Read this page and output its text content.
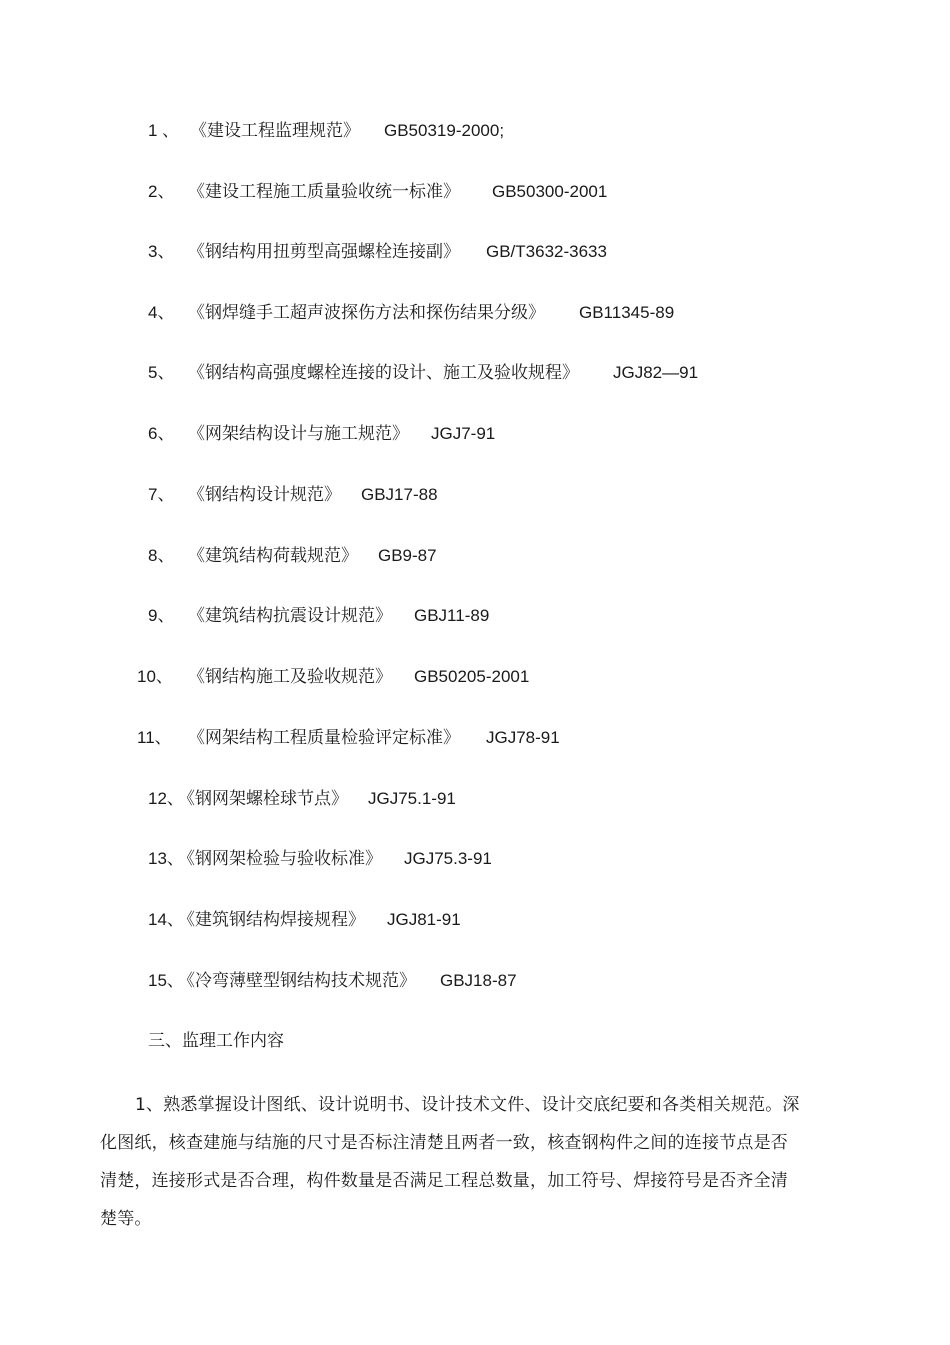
1 、 《建设工程监理规范》 GB50319-2000;
2、 《建设工程施工质量验收统一标准》 GB50300-2001
3、 《钢结构用扭剪型高强螺栓连接副》 GB/T3632-3633
4、 《钢焊缝手工超声波探伤方法和探伤结果分级》 GB11345-89
5、 《钢结构高强度螺栓连接的设计、施工及验收规程》 JGJ82—91
6、 《网架结构设计与施工规范》 JGJ7-91
7、 《钢结构设计规范》 GBJ17-88
8、 《建筑结构荷载规范》 GB9-87
9、 《建筑结构抗震设计规范》 GBJ11-89
10、 《钢结构施工及验收规范》 GB50205-2001
11、 《网架结构工程质量检验评定标准》 JGJ78-91
12、《钢网架螺栓球节点》 JGJ75.1-91
13、《钢网架检验与验收标准》 JGJ75.3-91
14、《建筑钢结构焊接规程》 JGJ81-91
15、《冷弯薄壁型钢结构技术规范》 GBJ18-87
三、监理工作内容
1、熟悉掌握设计图纸、设计说明书、设计技术文件、设计交底纪要和各类相关规范。深化图纸，核查建施与结施的尺寸是否标注清楚且两者一致，核查钢构件之间的连接节点是否清楚，连接形式是否合理，构件数量是否满足工程总数量，加工符号、焊接符号是否齐全清楚等。
